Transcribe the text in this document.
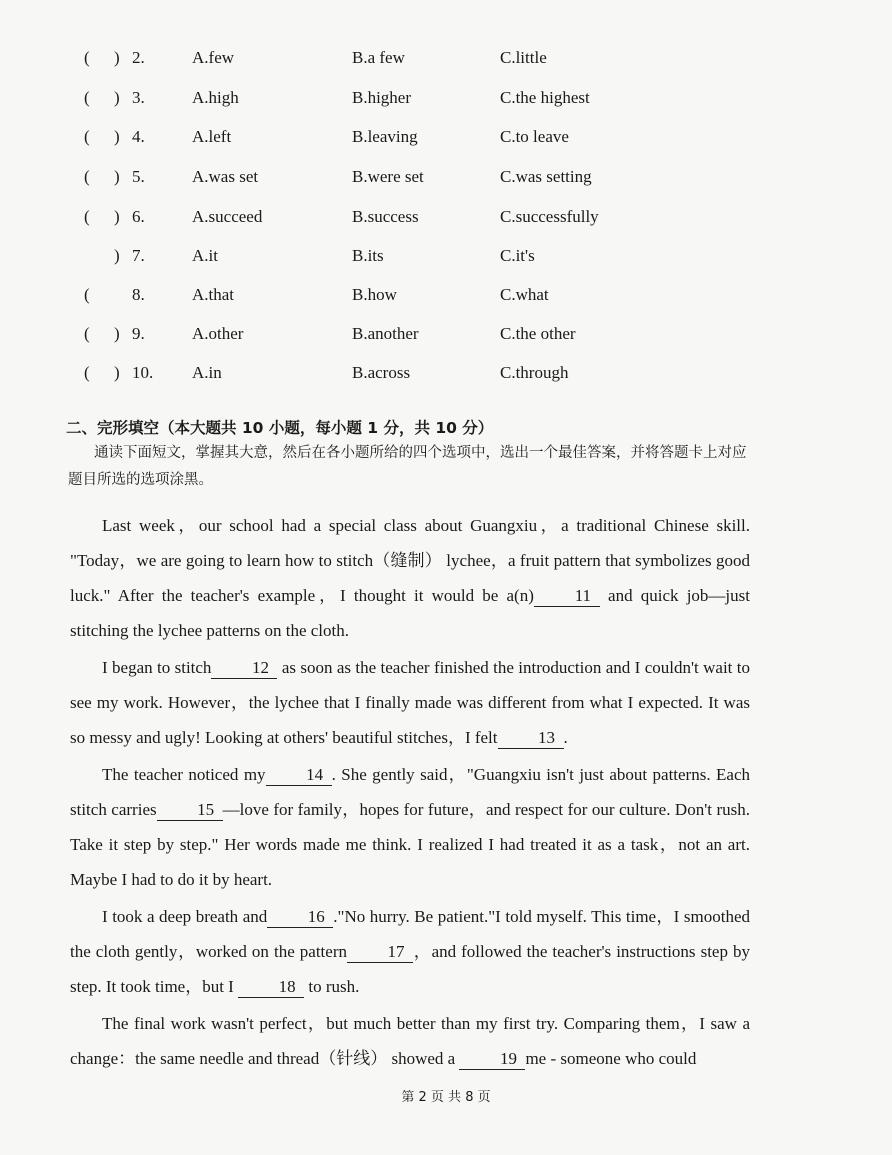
( ) 2.	A.few	B.a few	C.little
( ) 3.	A.high	B.higher	C.the highest
( ) 4.	A.left	B.leaving	C.to leave
( ) 5.	A.was set	B.were set	C.was setting
( ) 6.	A.succeed	B.success	C.successfully
) 7.	A.it	B.its	C.it's
( 8.	A.that	B.how	C.what
( ) 9.	A.other	B.another	C.the other
( ) 10. A.in	B.across	C.through
二、完形填空（本大题共 10 小题，每小题 1 分，共 10 分）
通读下面短文，掌握其大意，然后在各小题所给的四个选项中，选出一个最佳答案，并将答题卡上对应题目所选的选项涂黑。

Last week，our school had a special class about Guangxiu，a traditional Chinese skill. "Today，we are going to learn how to stitch（缝制） lychee，a fruit pattern that symbolizes good luck." After the teacher's example，I thought it would be a(n) 11 and quick job—just stitching the lychee patterns on the cloth.

I began to stitch 12 as soon as the teacher finished the introduction and I couldn't wait to see my work. However，the lychee that I finally made was different from what I expected. It was so messy and ugly! Looking at others' beautiful stitches，I felt 13 .

The teacher noticed my 14 . She gently said，"Guangxiu isn't just about patterns. Each stitch carries 15 —love for family，hopes for future，and respect for our culture. Don't rush. Take it step by step." Her words made me think. I realized I had treated it as a task，not an art. Maybe I had to do it by heart.

I took a deep breath and 16 ."No hurry. Be patient."I told myself. This time，I smoothed the cloth gently，worked on the pattern 17 ，and followed the teacher's instructions step by step. It took time，but I 18 to rush.

The final work wasn't perfect，but much better than my first try. Comparing them，I saw a change：the same needle and thread（针线） showed a 19 me - someone who could

第 2 页 共 8 页
